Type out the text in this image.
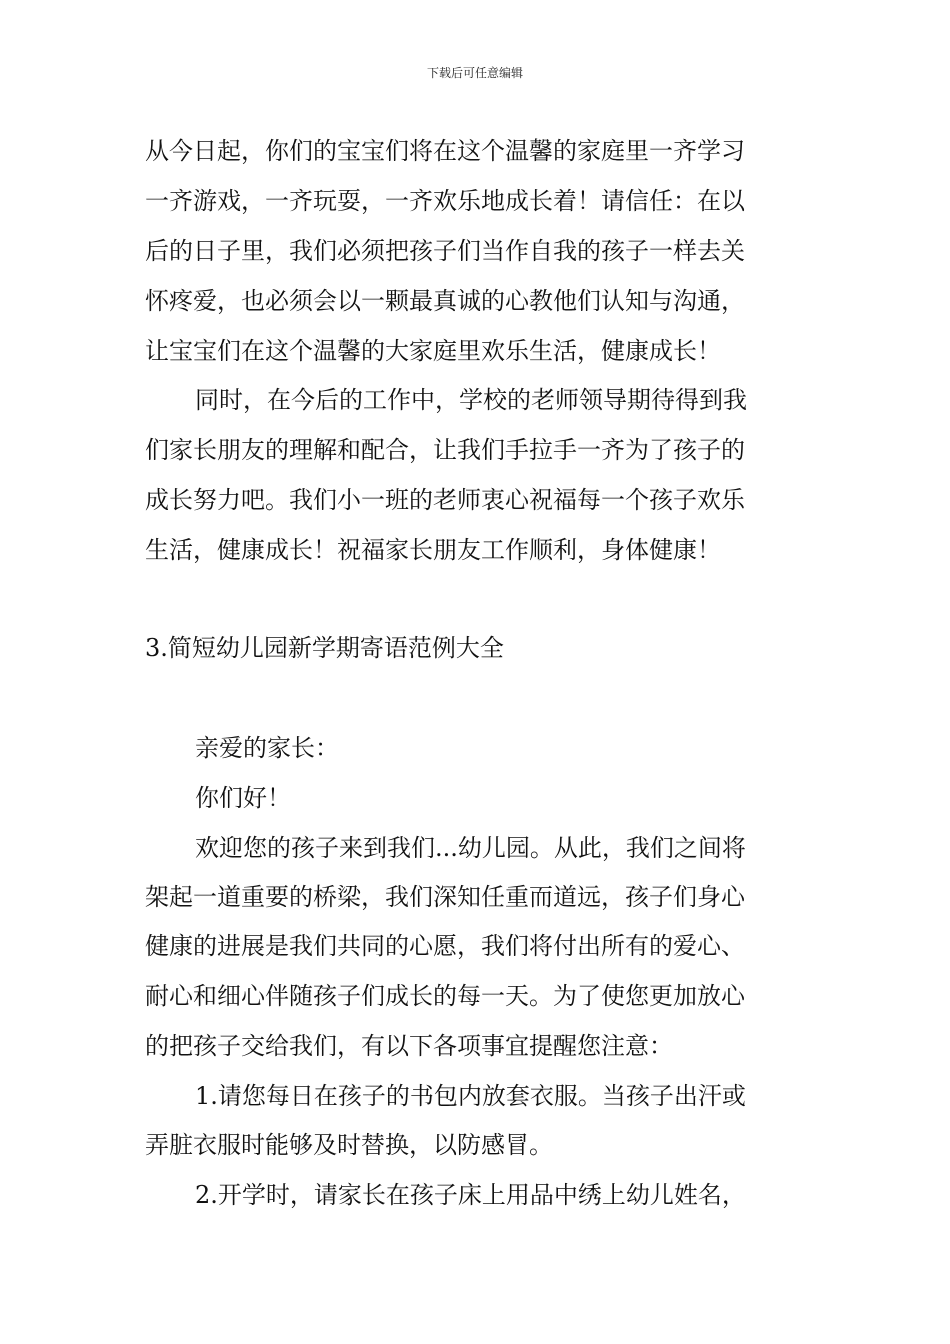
下载后可任意编辑
从今日起，你们的宝宝们将在这个温馨的家庭里一齐学习
一齐游戏，一齐玩耍，一齐欢乐地成长着！请信任：在以
后的日子里，我们必须把孩子们当作自我的孩子一样去关
怀疼爱，也必须会以一颗最真诚的心教他们认知与沟通，
让宝宝们在这个温馨的大家庭里欢乐生活，健康成长！
同时，在今后的工作中，学校的老师领导期待得到我
们家长朋友的理解和配合，让我们手拉手一齐为了孩子的
成长努力吧。我们小一班的老师衷心祝福每一个孩子欢乐
生活，健康成长！祝福家长朋友工作顺利，身体健康！
3.简短幼儿园新学期寄语范例大全
亲爱的家长：
你们好！
欢迎您的孩子来到我们...幼儿园。从此，我们之间将
架起一道重要的桥梁，我们深知任重而道远，孩子们身心
健康的进展是我们共同的心愿，我们将付出所有的爱心、
耐心和细心伴随孩子们成长的每一天。为了使您更加放心
的把孩子交给我们，有以下各项事宜提醒您注意：
1.请您每日在孩子的书包内放套衣服。当孩子出汗或
弄脏衣服时能够及时替换，以防感冒。
2.开学时，请家长在孩子床上用品中绣上幼儿姓名，
